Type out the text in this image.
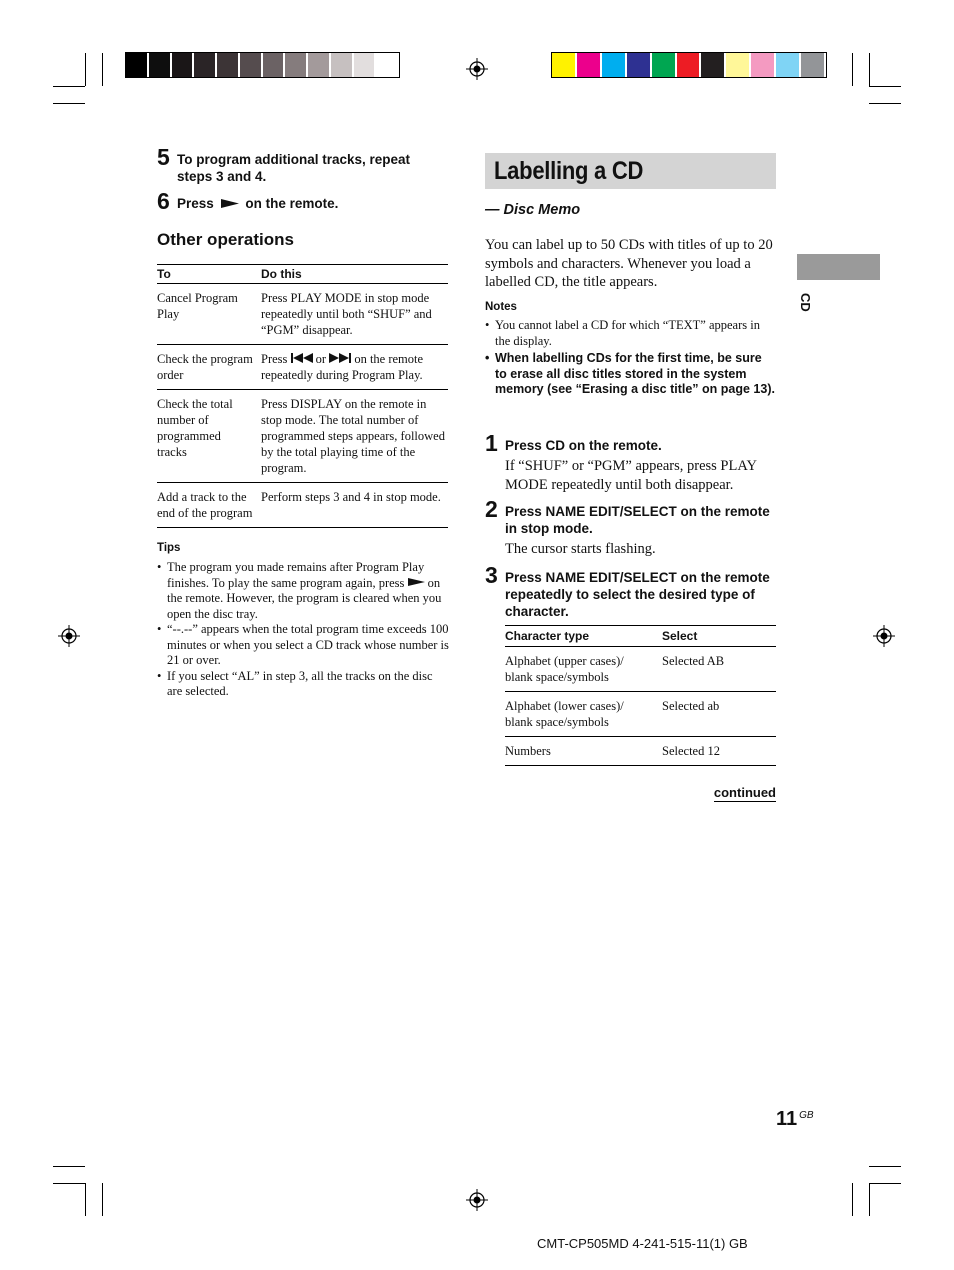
5 To program additional tracks, repeat steps 3 and 4.
6 Press on the remote.
Other operations
To	Do this
Cancel Program Play	Press PLAY MODE in stop mode repeatedly until both “SHUF” and “PGM” disappear.
Check the program order	Press or on the remote repeatedly during Program Play.
Check the total number of programmed tracks	Press DISPLAY on the remote in stop mode. The total number of programmed steps appears, followed by the total playing time of the program.
Add a track to the end of the program	Perform steps 3 and 4 in stop mode.
Tips
• The program you made remains after Program Play finishes. To play the same program again, press on the remote. However, the program is cleared when you open the disc tray.
• “--.--” appears when the total program time exceeds 100 minutes or when you select a CD track whose number is 21 or over.
• If you select “AL” in step 3, all the tracks on the disc are selected.
Labelling a CD
— Disc Memo
You can label up to 50 CDs with titles of up to 20 symbols and characters. Whenever you load a labelled CD, the title appears.
Notes
• You cannot label a CD for which “TEXT” appears in the display.
• When labelling CDs for the first time, be sure to erase all disc titles stored in the system memory (see “Erasing a disc title” on page 13).
1 Press CD on the remote.
If “SHUF” or “PGM” appears, press PLAY MODE repeatedly until both disappear.
2 Press NAME EDIT/SELECT on the remote in stop mode.
The cursor starts flashing.
3 Press NAME EDIT/SELECT on the remote repeatedly to select the desired type of character.
Character type	Select
Alphabet (upper cases)/ blank space/symbols	Selected AB
Alphabet (lower cases)/ blank space/symbols	Selected ab
Numbers	Selected 12
continued
CD
11 $^{GB}$
CMT-CP505MD 4-241-515-11(1) GB
